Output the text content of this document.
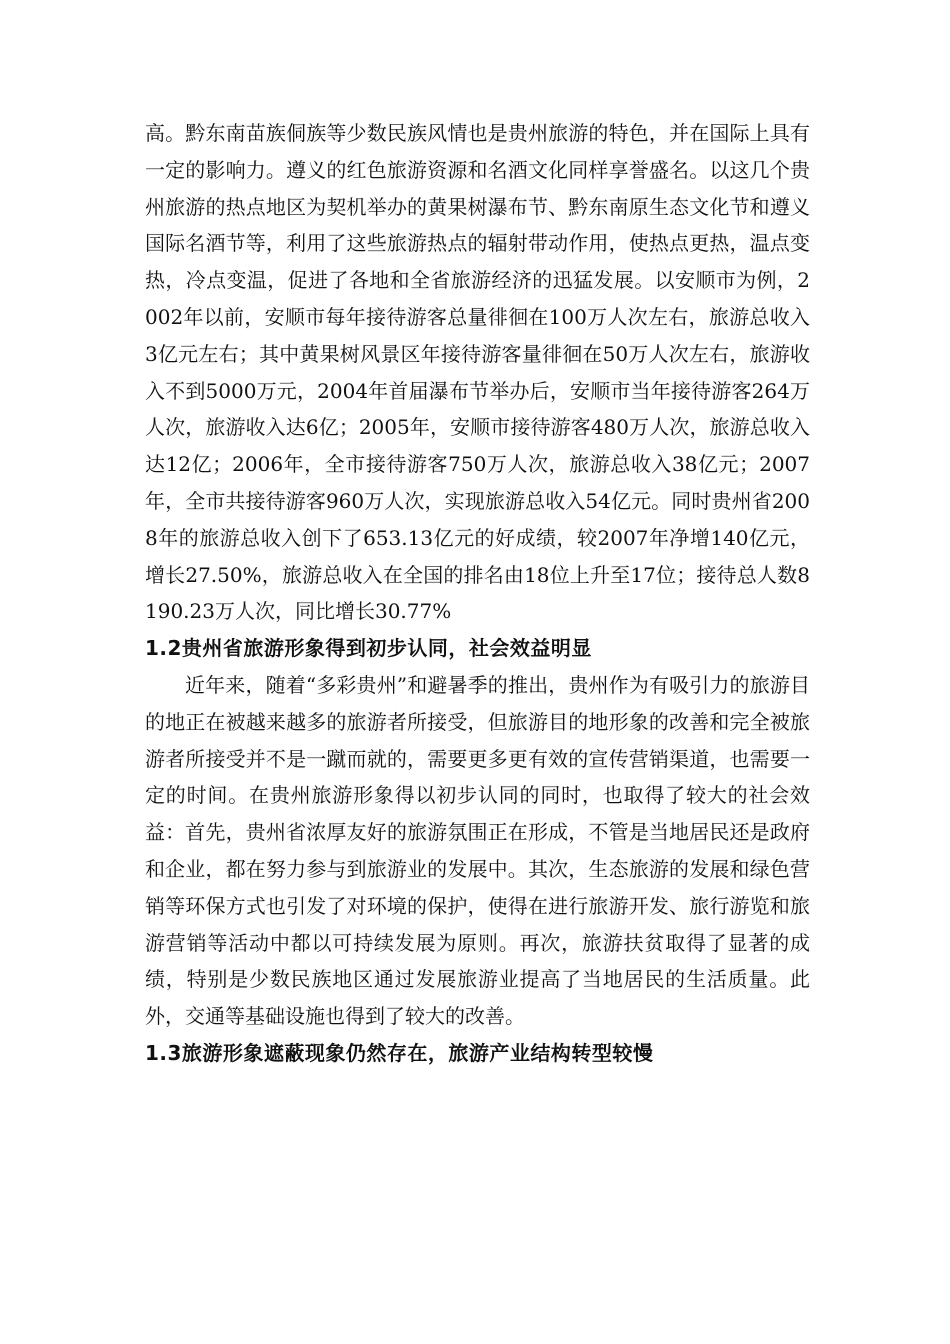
高。黔东南苗族侗族等少数民族风情也是贵州旅游的特色，并在国际上具有一定的影响力。遵义的红色旅游资源和名酒文化同样享誉盛名。以这几个贵州旅游的热点地区为契机举办的黄果树瀑布节、黔东南原生态文化节和遵义国际名酒节等，利用了这些旅游热点的辐射带动作用，使热点更热，温点变热，冷点变温，促进了各地和全省旅游经济的迅猛发展。以安顺市为例，2002年以前，安顺市每年接待游客总量徘徊在100万人次左右，旅游总收入3亿元左右；其中黄果树风景区年接待游客量徘徊在50万人次左右，旅游收入不到5000万元，2004年首届瀑布节举办后，安顺市当年接待游客264万人次，旅游收入达6亿；2005年，安顺市接待游客480万人次，旅游总收入达12亿；2006年，全市接待游客750万人次，旅游总收入38亿元；2007年，全市共接待游客960万人次，实现旅游总收入54亿元。同时贵州省2008年的旅游总收入创下了653.13亿元的好成绩，较2007年净增140亿元，增长27.50%，旅游总收入在全国的排名由18位上升至17位；接待总人数8190.23万人次，同比增长30.77%

1.2贵州省旅游形象得到初步认同，社会效益明显

近年来，随着“多彩贵州”和避暑季的推出，贵州作为有吸引力的旅游目的地正在被越来越多的旅游者所接受，但旅游目的地形象的改善和完全被旅游者所接受并不是一蹴而就的，需要更多更有效的宣传营销渠道，也需要一定的时间。在贵州旅游形象得以初步认同的同时，也取得了较大的社会效益：首先，贵州省浓厚友好的旅游氛围正在形成，不管是当地居民还是政府和企业，都在努力参与到旅游业的发展中。其次，生态旅游的发展和绿色营销等环保方式也引发了对环境的保护，使得在进行旅游开发、旅行游览和旅游营销等活动中都以可持续发展为原则。再次，旅游扶贫取得了显著的成绩，特别是少数民族地区通过发展旅游业提高了当地居民的生活质量。此外，交通等基础设施也得到了较大的改善。

1.3旅游形象遮蔽现象仍然存在，旅游产业结构转型较慢
